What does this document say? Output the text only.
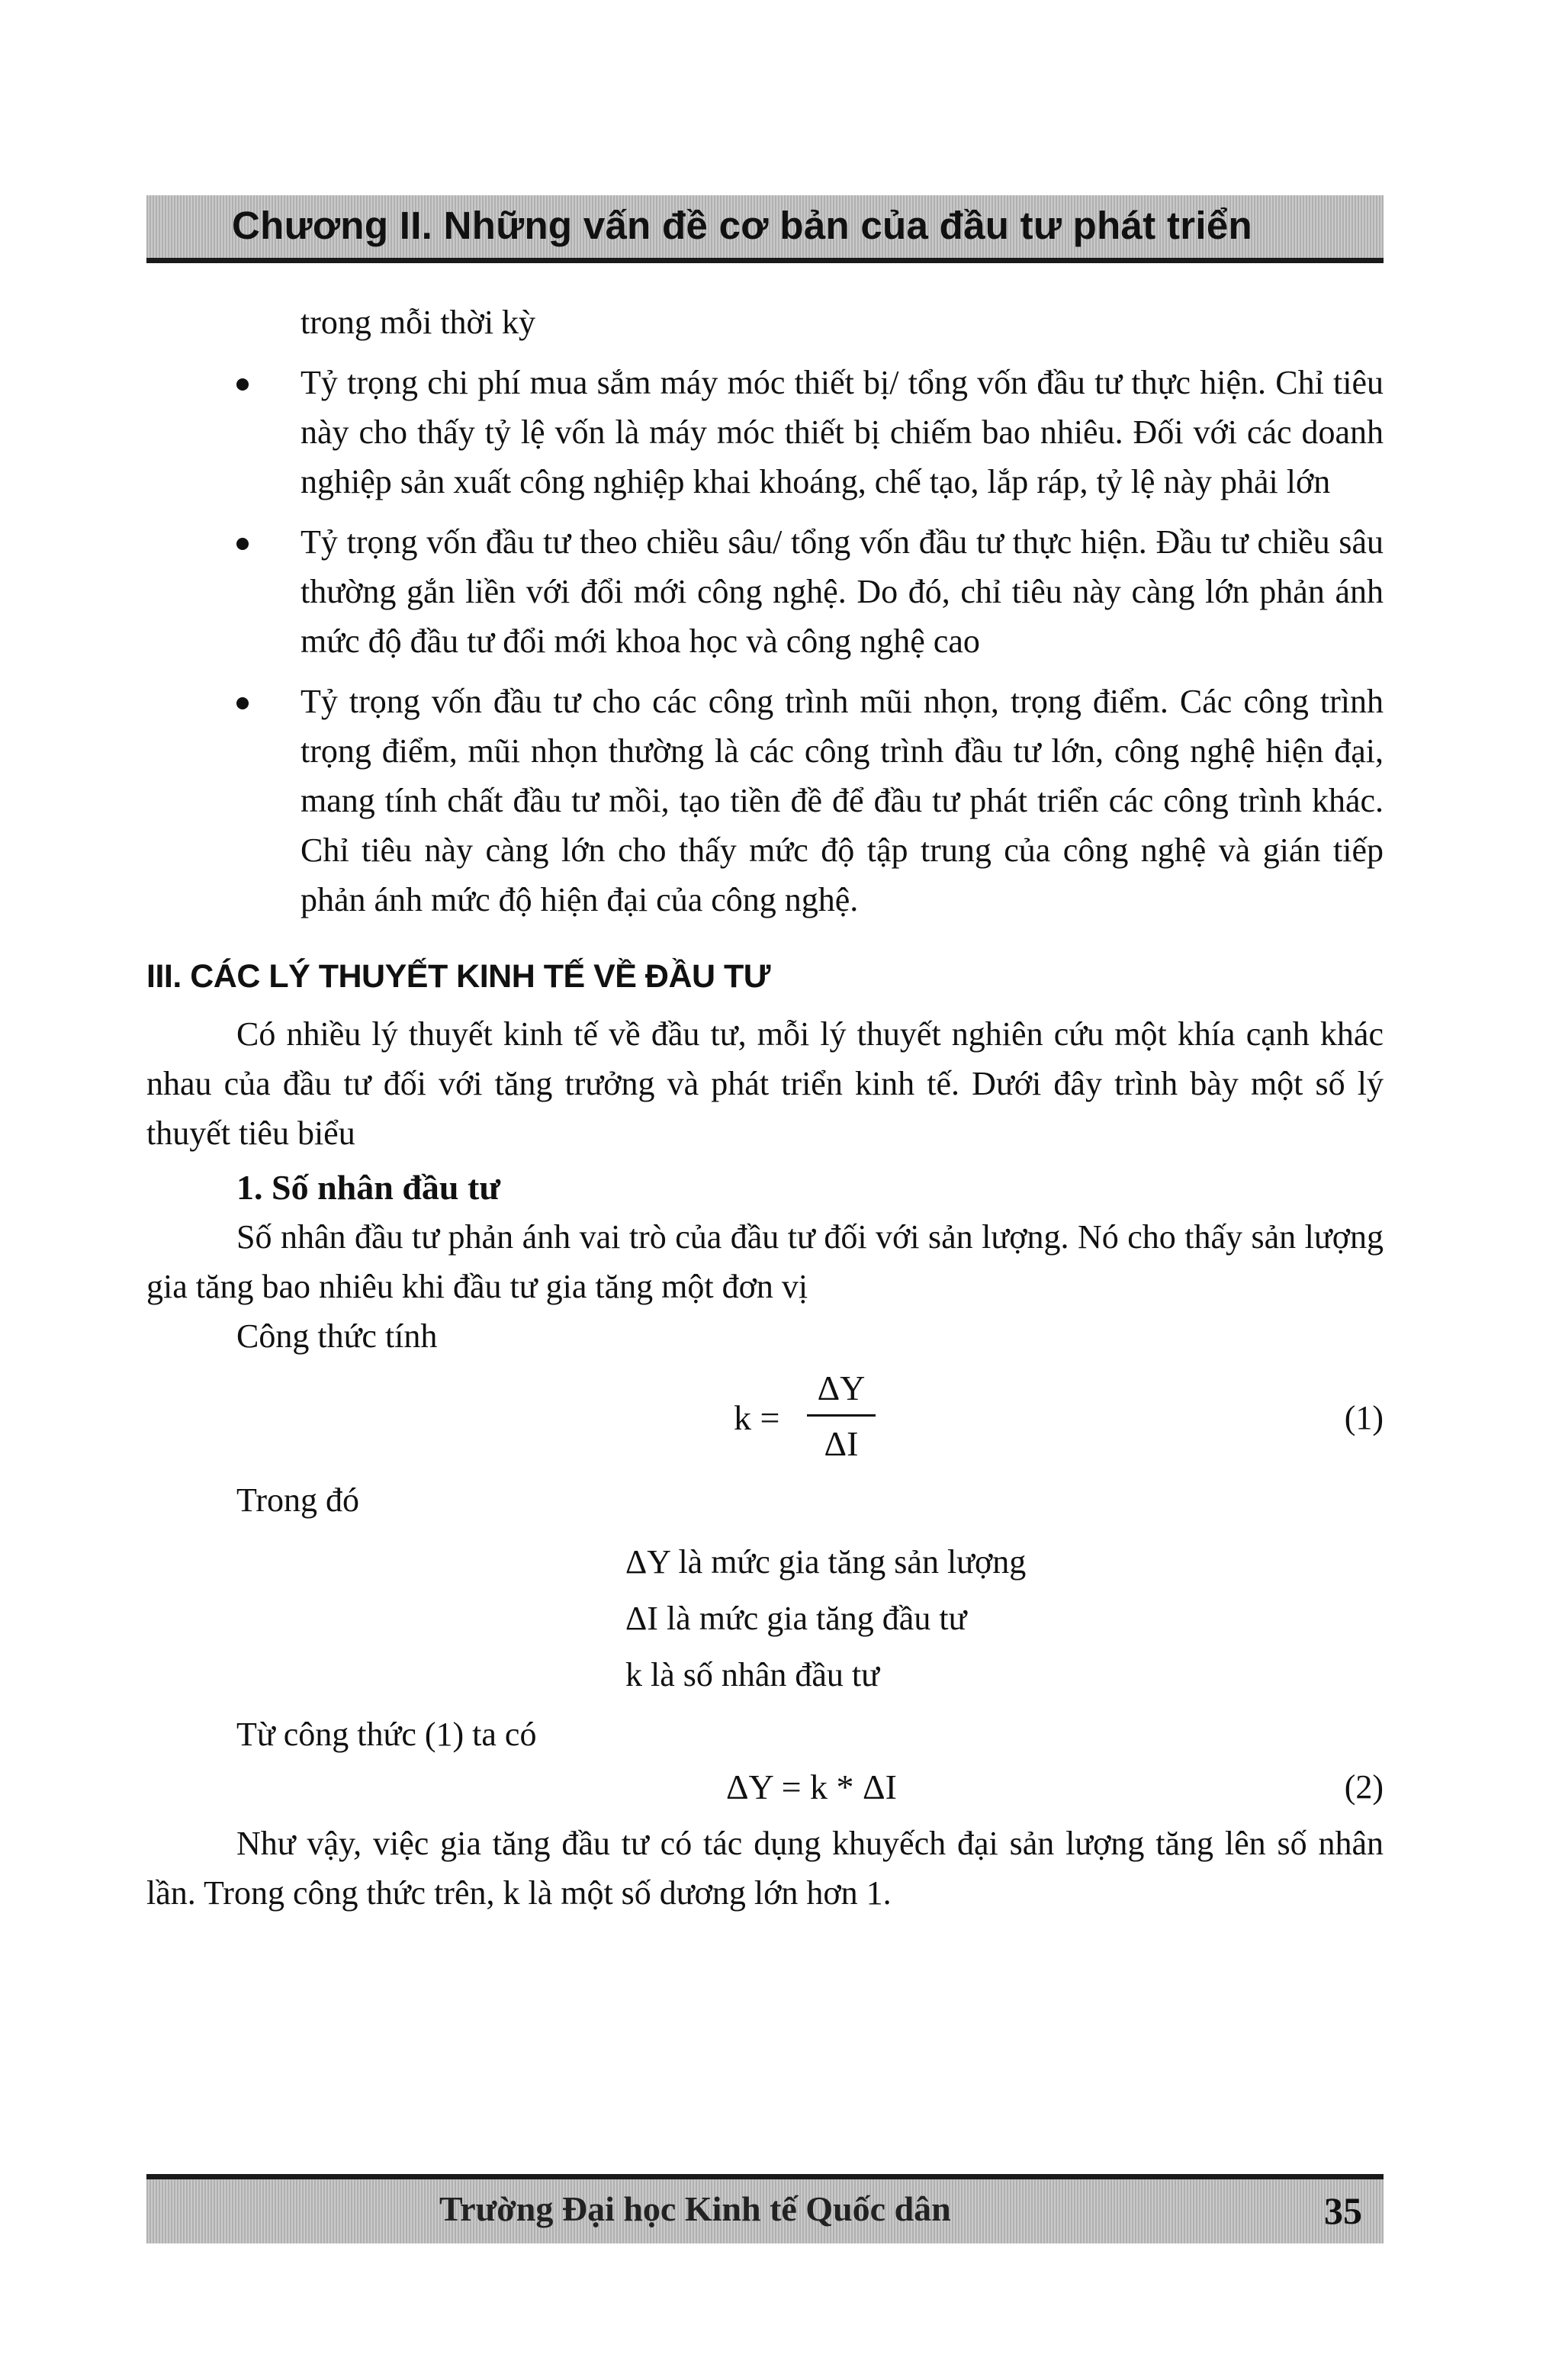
Chương II. Những vấn đề cơ bản của đầu tư phát triển
trong mỗi thời kỳ
Tỷ trọng chi phí mua sắm máy móc thiết bị/ tổng vốn đầu tư thực hiện. Chỉ tiêu này cho thấy tỷ lệ vốn là máy móc thiết bị chiếm bao nhiêu. Đối với các doanh nghiệp sản xuất công nghiệp khai khoáng, chế tạo, lắp ráp, tỷ lệ này phải lớn
Tỷ trọng vốn đầu tư theo chiều sâu/ tổng vốn đầu tư thực hiện. Đầu tư chiều sâu thường gắn liền với đổi mới công nghệ. Do đó, chỉ tiêu này càng lớn phản ánh mức độ đầu tư đổi mới khoa học và công nghệ cao
Tỷ trọng vốn đầu tư cho các công trình mũi nhọn, trọng điểm. Các công trình trọng điểm, mũi nhọn thường là các công trình đầu tư lớn, công nghệ hiện đại, mang tính chất đầu tư mồi, tạo tiền đề để đầu tư phát triển các công trình khác. Chỉ tiêu này càng lớn cho thấy mức độ tập trung của công nghệ và gián tiếp phản ánh mức độ hiện đại của công nghệ.
III. CÁC LÝ THUYẾT KINH TẾ VỀ ĐẦU TƯ

Có nhiều lý thuyết kinh tế về đầu tư, mỗi lý thuyết nghiên cứu một khía cạnh khác nhau của đầu tư đối với tăng trưởng và phát triển kinh tế. Dưới đây trình bày một số lý thuyết tiêu biểu

1. Số nhân đầu tư

Số nhân đầu tư phản ánh vai trò của đầu tư đối với sản lượng. Nó cho thấy sản lượng gia tăng bao nhiêu khi đầu tư gia tăng một đơn vị

Công thức tính
k =
ΔY
ΔI
(1)
Trong đó
ΔY là mức gia tăng sản lượng
ΔI là mức gia tăng đầu tư
k là số nhân đầu tư
Từ công thức (1) ta có
ΔY = k * ΔI	(2)

Như vậy, việc gia tăng đầu tư có tác dụng khuyếch đại sản lượng tăng lên số nhân lần. Trong công thức trên, k là một số dương lớn hơn 1.

Trường Đại học Kinh tế Quốc dân	35
